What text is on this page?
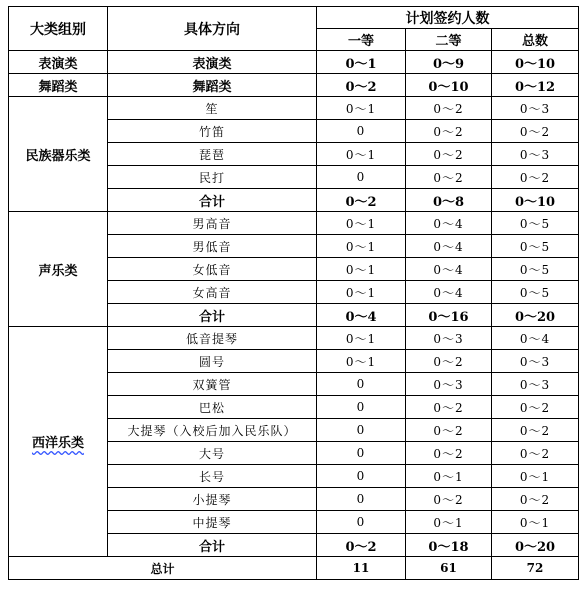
大类组别	具体方向	计划签约人数		
		一等	二等	总数
表演类	表演类	0～1	0～9	0～10
舞蹈类	舞蹈类	0～2	0～10	0～12
民族器乐类	笙	0～1	0～2	0～3
	竹笛	0	0～2	0～2
	琵琶	0～1	0～2	0～3
	民打	0	0～2	0～2
	合计	0～2	0～8	0～10
声乐类	男高音	0～1	0～4	0～5
	男低音	0～1	0～4	0～5
	女低音	0～1	0～4	0～5
	女高音	0～1	0～4	0～5
	合计	0～4	0～16	0～20
西洋乐类	低音提琴	0～1	0～3	0～4
	圆号	0～1	0～2	0～3
	双簧管	0	0～3	0～3
	巴松	0	0～2	0～2
	大提琴（入校后加入民乐队）	0	0～2	0～2
	大号	0	0～2	0～2
	长号	0	0～1	0～1
	小提琴	0	0～2	0～2
	中提琴	0	0～1	0～1
	合计	0～2	0～18	0～20
总计		11	61	72
